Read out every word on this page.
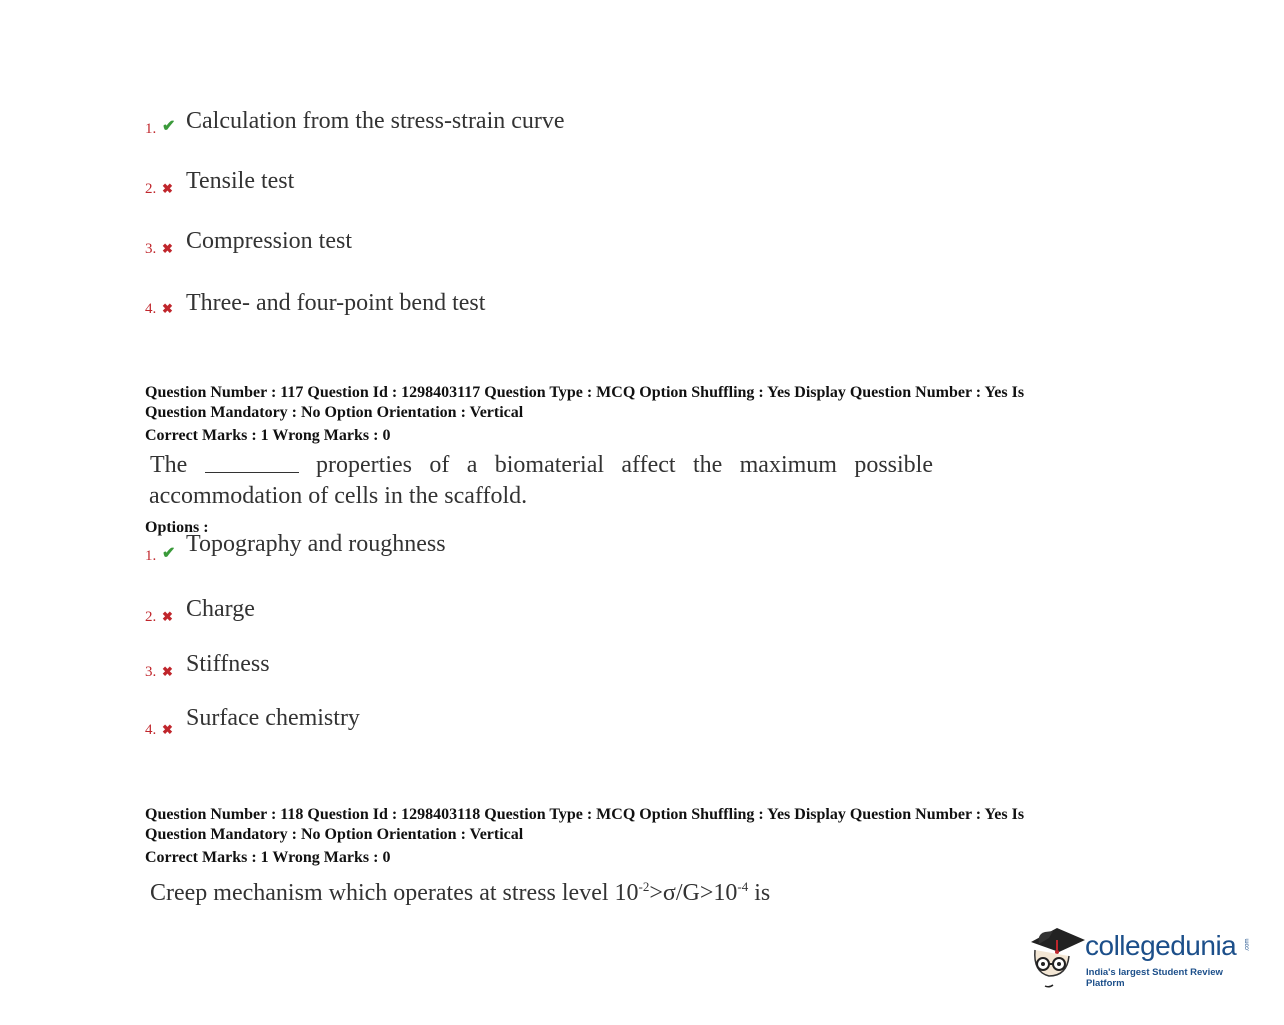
1. ✔ Calculation from the stress-strain curve
2. ✖ Tensile test
3. ✖ Compression test
4. ✖ Three- and four-point bend test
Question Number : 117 Question Id : 1298403117 Question Type : MCQ Option Shuffling : Yes Display Question Number : Yes Is
Question Mandatory : No Option Orientation : Vertical
Correct Marks : 1 Wrong Marks : 0
The	properties of a biomaterial affect the maximum possible
accommodation of cells in the scaffold.
Options :
1. ✔ Topography and roughness
2. ✖ Charge
3. ✖ Stiffness
4. ✖ Surface chemistry
Question Number : 118 Question Id : 1298403118 Question Type : MCQ Option Shuffling : Yes Display Question Number : Yes Is
Question Mandatory : No Option Orientation : Vertical
Correct Marks : 1 Wrong Marks : 0
Creep mechanism which operates at stress level $10^{-2}>\sigma/G>10^{-4}$ is
collegedunia .com
India's largest Student Review Platform
